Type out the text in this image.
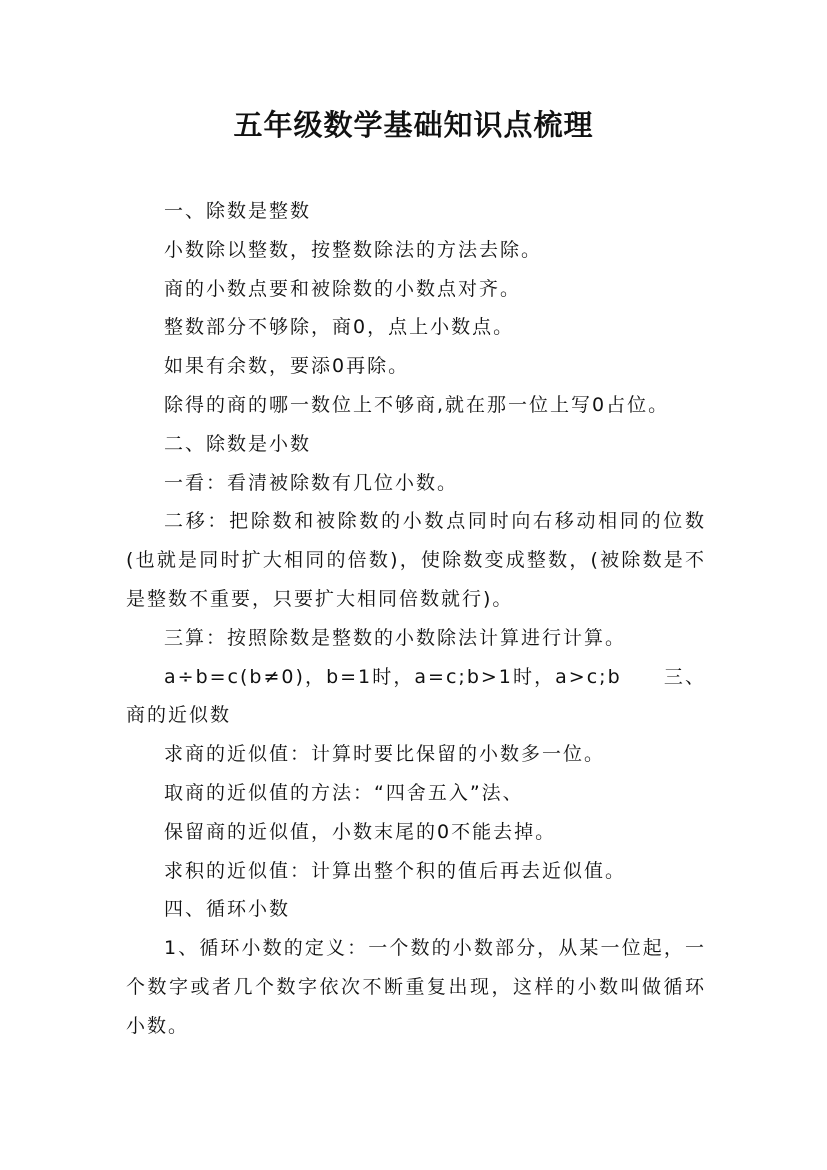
五年级数学基础知识点梳理

一、除数是整数

小数除以整数，按整数除法的方法去除。

商的小数点要和被除数的小数点对齐。

整数部分不够除，商0，点上小数点。

如果有余数，要添0再除。

除得的商的哪一数位上不够商,就在那一位上写0占位。

二、除数是小数

一看：看清被除数有几位小数。

二移：把除数和被除数的小数点同时向右移动相同的位数(也就是同时扩大相同的倍数)，使除数变成整数，(被除数是不是整数不重要，只要扩大相同倍数就行)。

三算：按照除数是整数的小数除法计算进行计算。

a÷b=c(b≠0)，b=1时，a=c;b>1时，a>c;b　　三、商的近似数

求商的近似值：计算时要比保留的小数多一位。

取商的近似值的方法：“四舍五入”法、

保留商的近似值，小数末尾的0不能去掉。

求积的近似值：计算出整个积的值后再去近似值。

四、循环小数

1、循环小数的定义：一个数的小数部分，从某一位起，一个数字或者几个数字依次不断重复出现，这样的小数叫做循环小数。
